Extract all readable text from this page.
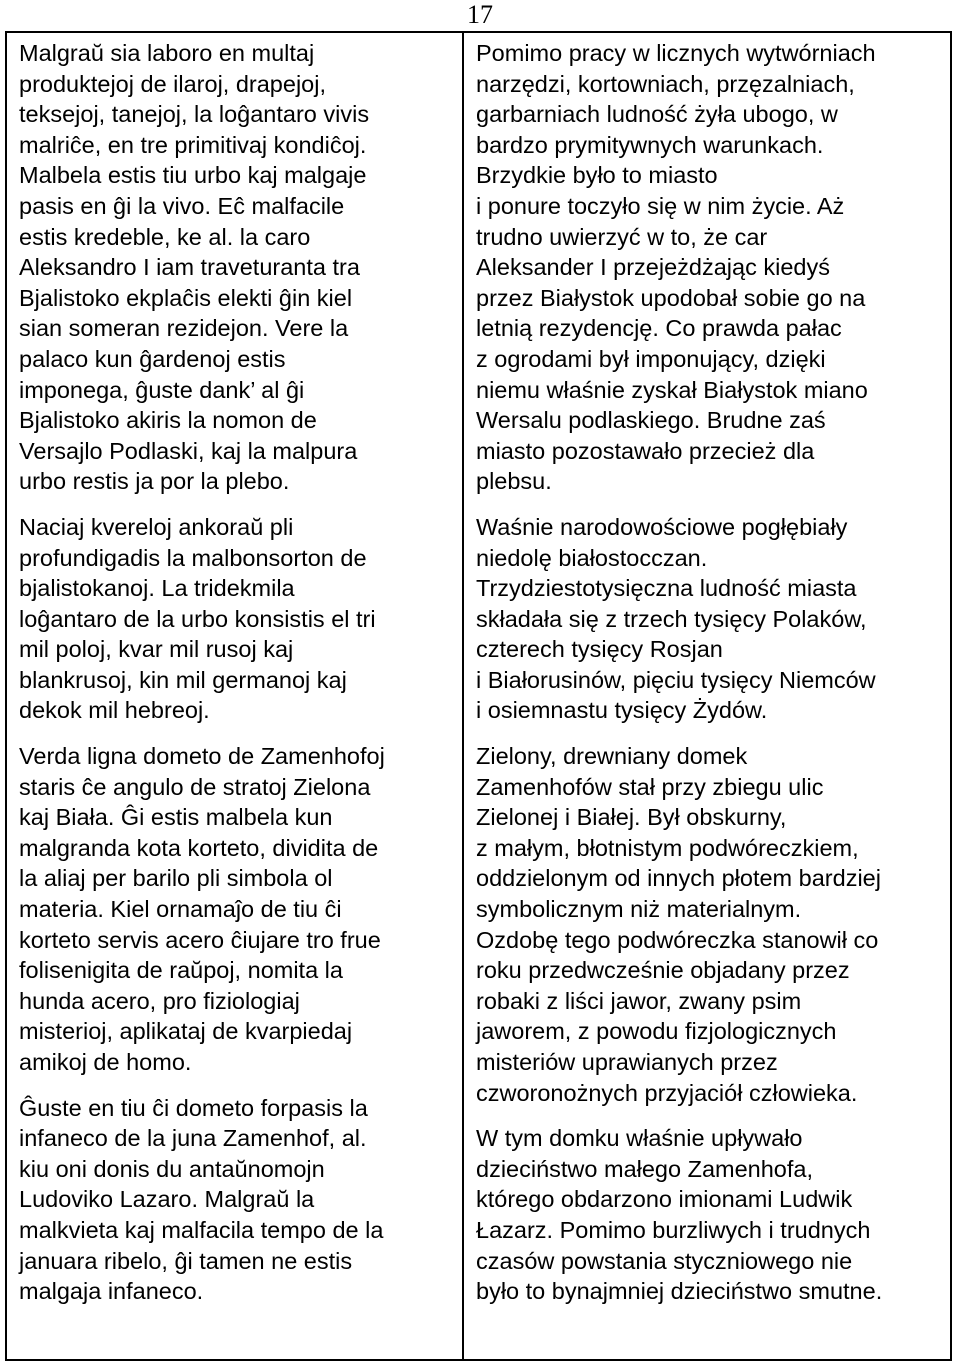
17
Malgraŭ sia laboro en multaj
produktejoj de ilaroj, drapejoj,
teksejoj, tanejoj, la loĝantaro vivis
malriĉe, en tre primitivaj kondiĉoj.
Malbela estis tiu urbo kaj malgaje
pasis en ĝi la vivo. Eĉ malfacile
estis kredeble, ke al. la caro
Aleksandro I iam traveturanta tra
Bjalistoko ekplaĉis elekti ĝin kiel
sian someran rezidejon. Vere la
palaco kun ĝardenoj estis
imponega, ĝuste dank’ al ĝi
Bjalistoko akiris la nomon de
Versajlo Podlaski, kaj la malpura
urbo restis ja por la plebo.
Naciaj kvereloj ankoraŭ pli
profundigadis la malbonsorton de
bjalistokanoj. La tridekmila
loĝantaro de la urbo konsistis el tri
mil poloj, kvar mil rusoj kaj
blankrusoj, kin mil germanoj kaj
dekok mil hebreoj.
Verda ligna dometo de Zamenhofoj
staris ĉe angulo de stratoj Zielona
kaj Biała. Ĝi estis malbela kun
malgranda kota korteto, dividita de
la aliaj per barilo pli simbola ol
materia. Kiel ornamaĵo de tiu ĉi
korteto servis acero ĉiujare tro frue
folisenigita de raŭpoj, nomita la
hunda acero, pro fiziologiaj
misterioj, aplikataj de kvarpiedaj
amikoj de homo.
Ĝuste en tiu ĉi dometo forpasis la
infaneco de la juna Zamenhof, al.
kiu oni donis du antaŭnomojn
Ludoviko Lazaro. Malgraŭ la
malkvieta kaj malfacila tempo de la
januara ribelo, ĝi tamen ne estis
malgaja infaneco.
Pomimo pracy w licznych wytwórniach
narzędzi, kortowniach, przęzalniach,
garbarniach ludność żyła ubogo, w
bardzo prymitywnych warunkach.
Brzydkie było to miasto
i ponure toczyło się w nim życie. Aż
trudno uwierzyć w to, że car
Aleksander I przejeżdżając kiedyś
przez Białystok upodobał sobie go na
letnią rezydencję. Co prawda pałac
z ogrodami był imponujący, dzięki
niemu właśnie zyskał Białystok miano
Wersalu podlaskiego. Brudne zaś
miasto pozostawało przecież dla
plebsu.
Waśnie narodowościowe pogłębiały
niedolę białostocczan.
Trzydziestotysięczna ludność miasta
składała się z trzech tysięcy Polaków,
czterech tysięcy Rosjan
i Białorusinów, pięciu tysięcy Niemców
i osiemnastu tysięcy Żydów.
Zielony, drewniany domek
Zamenhofów stał przy zbiegu ulic
Zielonej i Białej. Był obskurny,
z małym, błotnistym podwóreczkiem,
oddzielonym od innych płotem bardziej
symbolicznym niż materialnym.
Ozdobę tego podwóreczka stanowił co
roku przedwcześnie objadany przez
robaki z liści jawor, zwany psim
jaworem, z powodu fizjologicznych
misteriów uprawianych przez
czworonożnych przyjaciół człowieka.
W tym domku właśnie upływało
dzieciństwo małego Zamenhofa,
którego obdarzono imionami Ludwik
Łazarz. Pomimo burzliwych i trudnych
czasów powstania styczniowego nie
było to bynajmniej dzieciństwo smutne.
